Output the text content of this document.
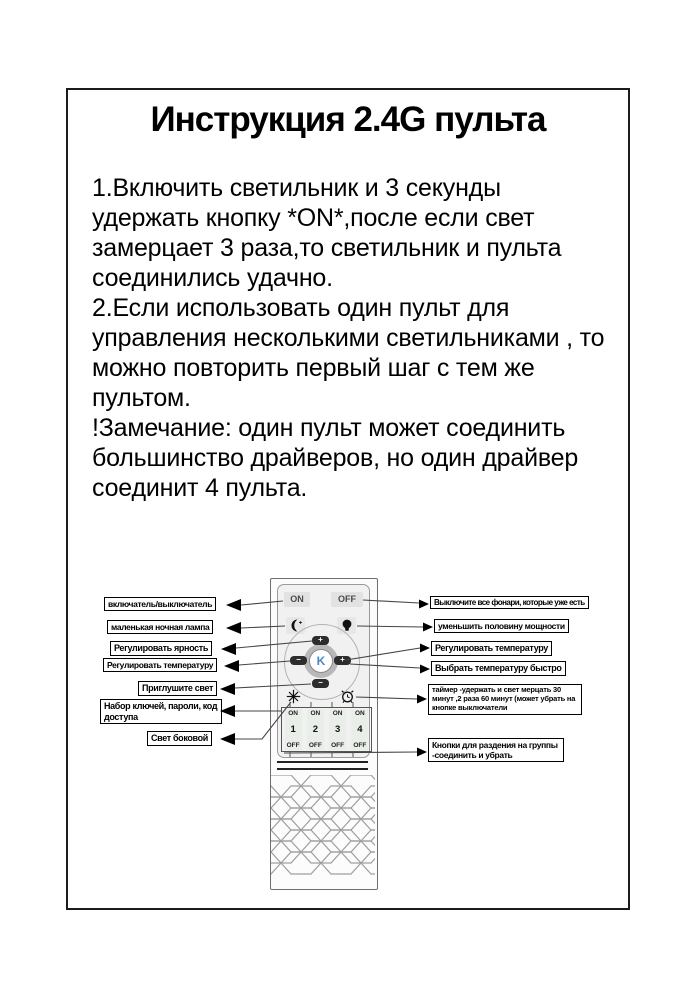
Инструкция 2.4G пульта

1.Включить светильник и 3 секунды удержать кнопку *ON*,после если свет замерцает 3 раза,то светильник и пульта соединились удачно.

2.Если использовать один пульт для управления несколькими светильниками , то можно повторить первый шаг с тем же пультом.

!Замечание: один пульт может соединить большинство драйверов, но один драйвер соединит 4 пульта.

ON	OFF
K
+
−
−	+
ON
1
OFF
ON
2
OFF
ON
3
OFF
ON
4
OFF
включатель/выключатель
маленькая ночная лампа
Регулировать ярность
Регулировать температуру
Приглушите свет
Набор ключей, пароли, код доступа
Свет боковой
Выключите все фонари, которые уже есть
уменьшить половину мощности
Регулировать температуру
Выбрать температуру быстро
таймер -удержать и свет мерцать 30 минут ,2 раза 60 минут (может убрать на кнопке выключатели
Кнопки для раздения на группы -соединить и убрать
